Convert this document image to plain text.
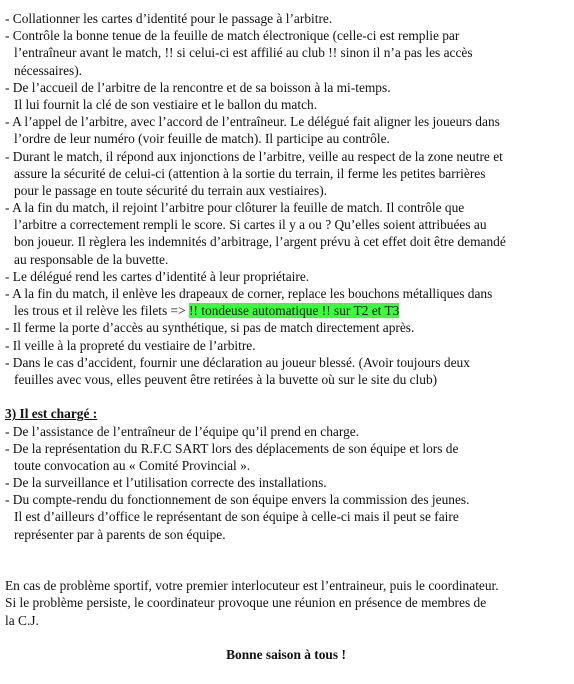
- Collationner les cartes d’identité pour le passage à l’arbitre.
- Contrôle la bonne tenue de la feuille de match électronique (celle-ci est remplie par
l’entraîneur avant le match, !! si celui-ci est affilié au club !! sinon il n’a pas les accès
nécessaires).
- De l’accueil de l’arbitre de la rencontre et de sa boisson à la mi-temps.
Il lui fournit la clé de son vestiaire et le ballon du match.
- A l’appel de l’arbitre, avec l’accord de l’entraîneur. Le délégué fait aligner les joueurs dans
l’ordre de leur numéro (voir feuille de match). Il participe au contrôle.
- Durant le match, il répond aux injonctions de l’arbitre, veille au respect de la zone neutre et
assure la sécurité de celui-ci (attention à la sortie du terrain, il ferme les petites barrières
pour le passage en toute sécurité du terrain aux vestiaires).
- A la fin du match, il rejoint l’arbitre pour clôturer la feuille de match. Il contrôle que
l’arbitre a correctement rempli le score. Si cartes il y a ou ? Qu’elles soient attribuées au
bon joueur. Il règlera les indemnités d’arbitrage, l’argent prévu à cet effet doit être demandé
au responsable de la buvette.
- Le délégué rend les cartes d’identité à leur propriétaire.
- A la fin du match, il enlève les drapeaux de corner, replace les bouchons métalliques dans
les trous et il relève les filets => !! tondeuse automatique !! sur T2 et T3
- Il ferme la porte d’accès au synthétique, si pas de match directement après.
- Il veille à la propreté du vestiaire de l’arbitre.
- Dans le cas d’accident, fournir une déclaration au joueur blessé. (Avoir toujours deux
feuilles avec vous, elles peuvent être retirées à la buvette où sur le site du club)
3) Il est chargé :
- De l’assistance de l’entraîneur de l’équipe qu’il prend en charge.
- De la représentation du R.F.C SART lors des déplacements de son équipe et lors de
toute convocation au « Comité Provincial ».
- De la surveillance et l’utilisation correcte des installations.
- Du compte-rendu du fonctionnement de son équipe envers la commission des jeunes.
Il est d’ailleurs d’office le représentant de son équipe à celle-ci mais il peut se faire
représenter par à parents de son équipe.
En cas de problème sportif, votre premier interlocuteur est l’entraineur, puis le coordinateur.
Si le problème persiste, le coordinateur provoque une réunion en présence de membres de
la C.J.
Bonne saison à tous !
